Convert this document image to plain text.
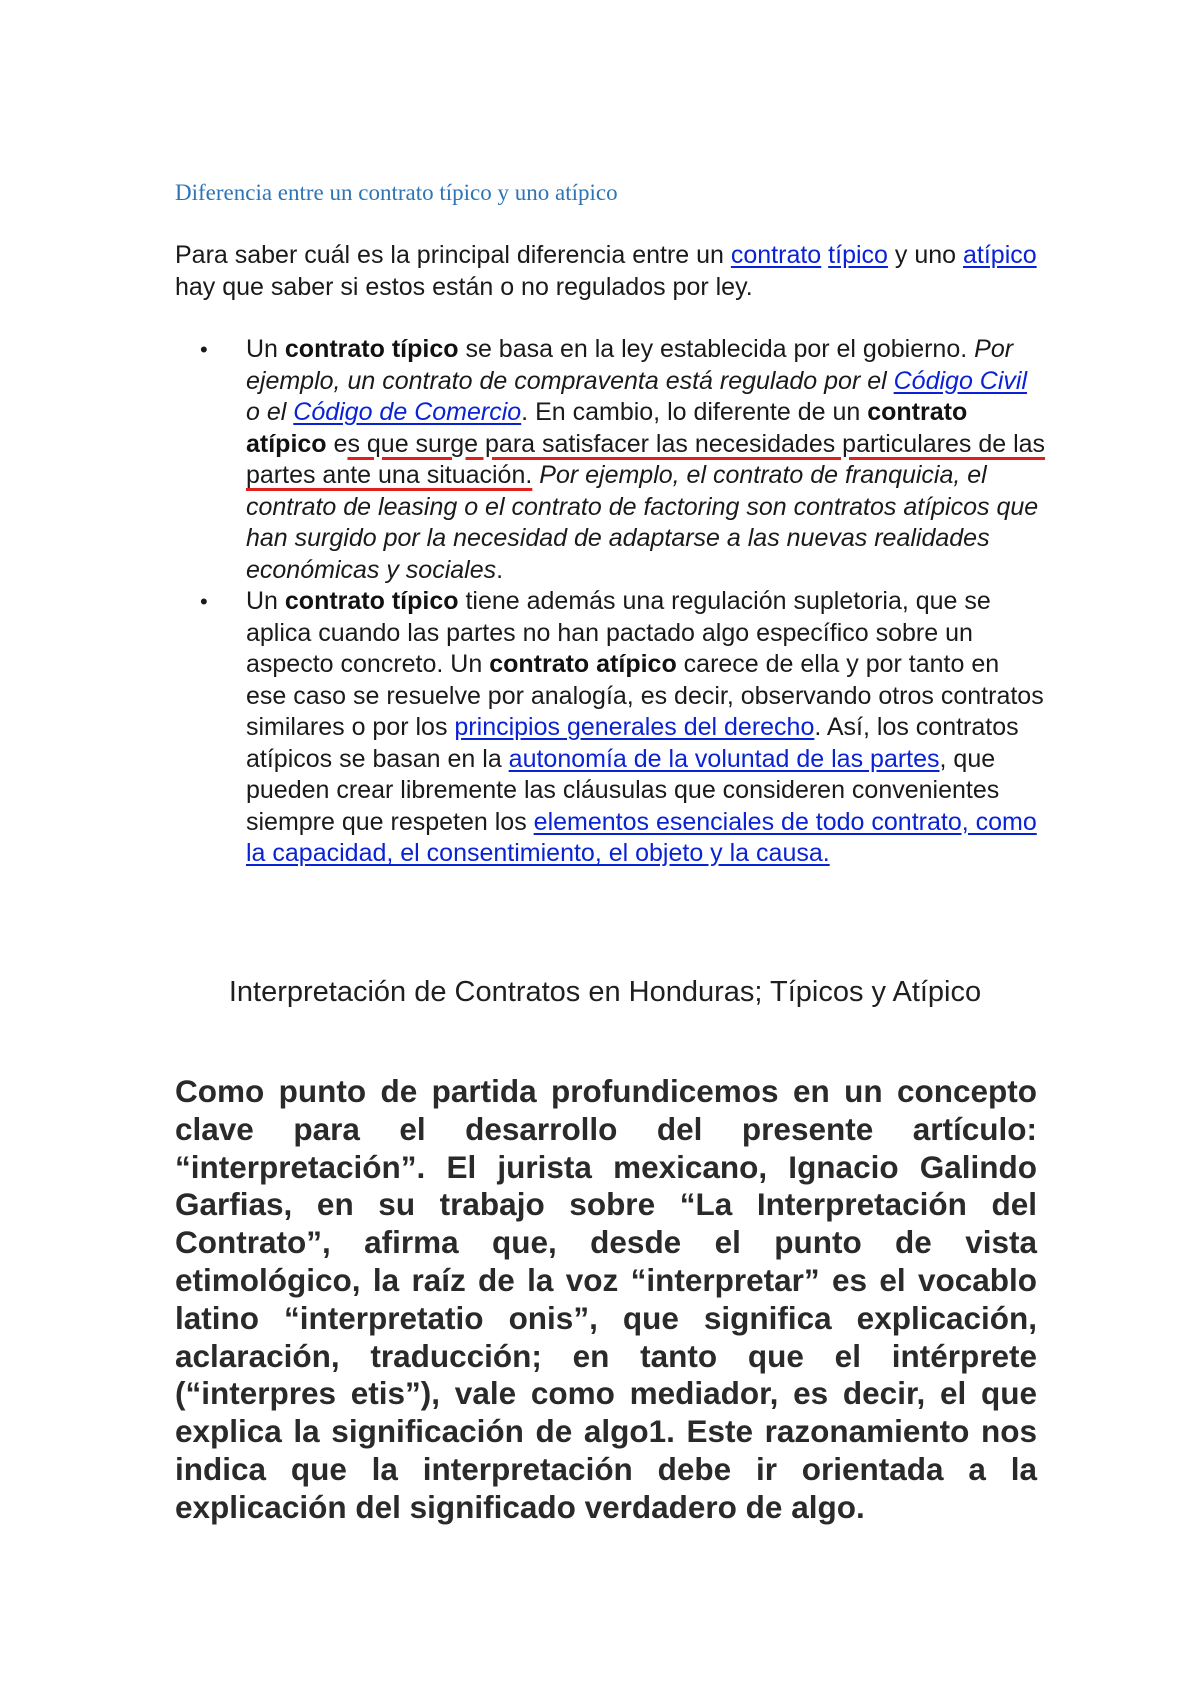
Diferencia entre un contrato típico y uno atípico

Para saber cuál es la principal diferencia entre un contrato típico y uno atípico hay que saber si estos están o no regulados por ley.

• Un contrato típico se basa en la ley establecida por el gobierno. Por ejemplo, un contrato de compraventa está regulado por el Código Civil o el Código de Comercio. En cambio, lo diferente de un contrato atípico es que surge para satisfacer las necesidades particulares de las partes ante una situación. Por ejemplo, el contrato de franquicia, el contrato de leasing o el contrato de factoring son contratos atípicos que han surgido por la necesidad de adaptarse a las nuevas realidades económicas y sociales.
• Un contrato típico tiene además una regulación supletoria, que se aplica cuando las partes no han pactado algo específico sobre un aspecto concreto. Un contrato atípico carece de ella y por tanto en ese caso se resuelve por analogía, es decir, observando otros contratos similares o por los principios generales del derecho. Así, los contratos atípicos se basan en la autonomía de la voluntad de las partes, que pueden crear libremente las cláusulas que consideren convenientes siempre que respeten los elementos esenciales de todo contrato, como la capacidad, el consentimiento, el objeto y la causa.
Interpretación de Contratos en Honduras; Típicos y Atípico

Como punto de partida profundicemos en un concepto clave para el desarrollo del presente artículo: “interpretación”. El jurista mexicano, Ignacio Galindo Garfias, en su trabajo sobre “La Interpretación del Contrato”, afirma que, desde el punto de vista etimológico, la raíz de la voz “interpretar” es el vocablo latino “interpretatio onis”, que significa explicación, aclaración, traducción; en tanto que el intérprete (“interpres etis”), vale como mediador, es decir, el que explica la significación de algo1. Este razonamiento nos indica que la interpretación debe ir orientada a la explicación del significado verdadero de algo.
